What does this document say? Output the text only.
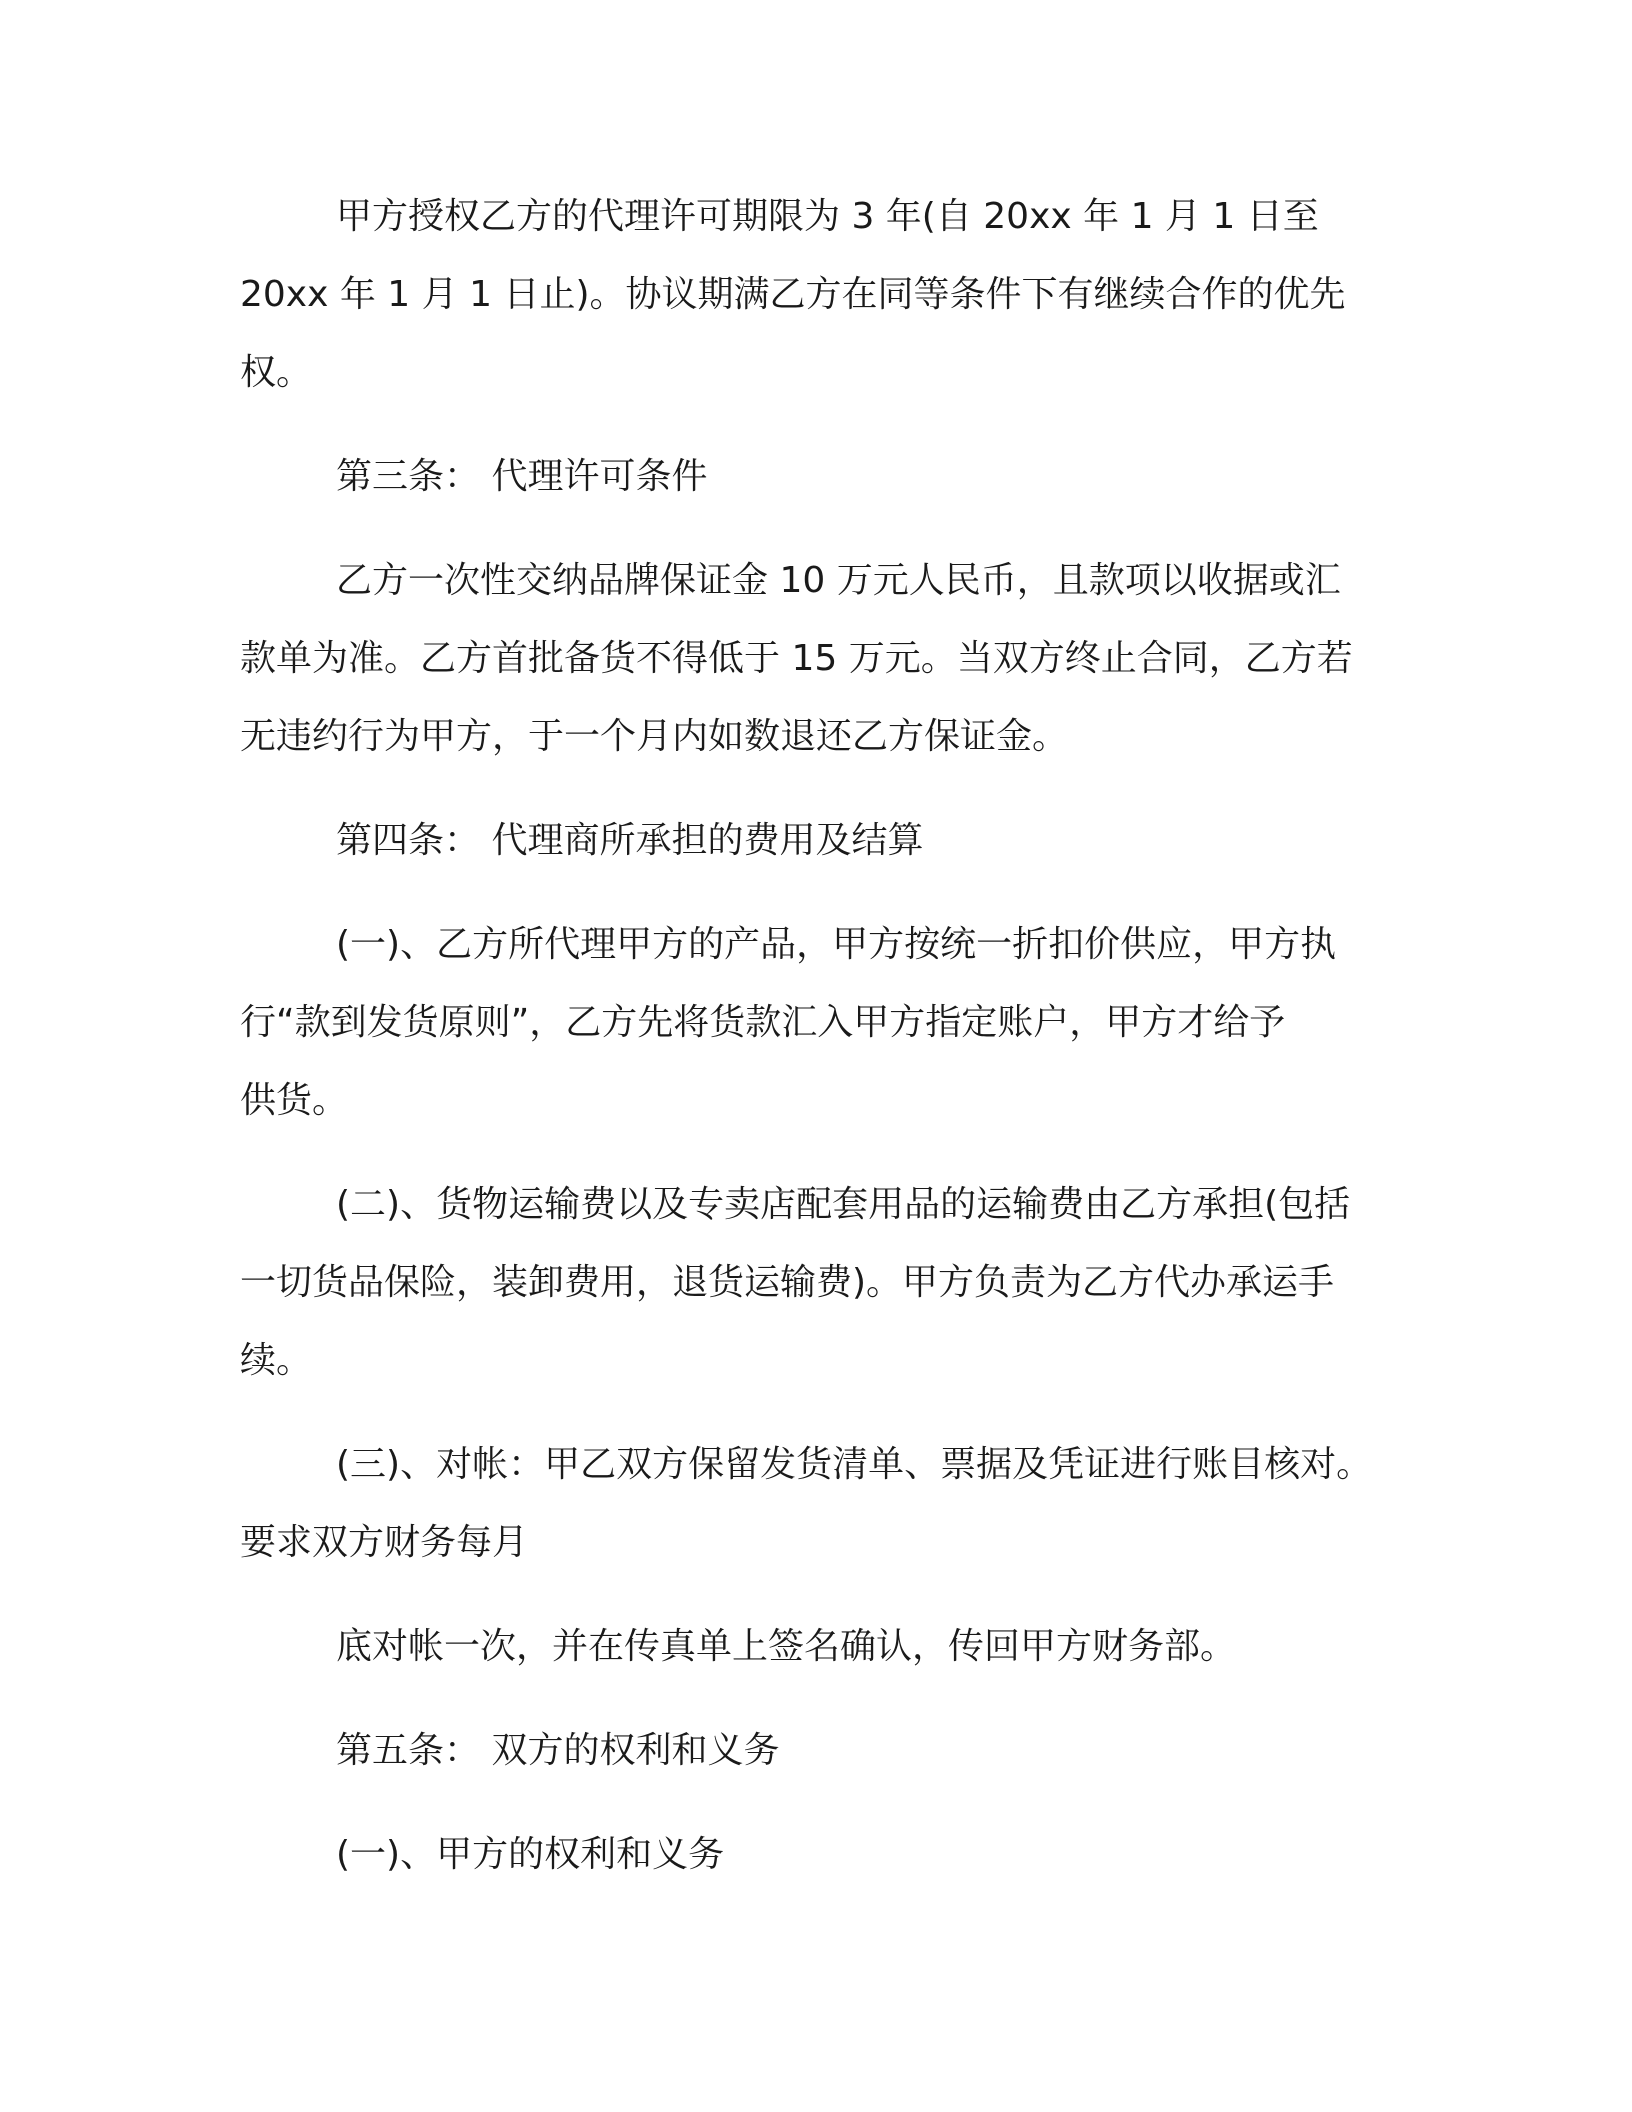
甲方授权乙方的代理许可期限为 3 年(自 20xx 年 1 月 1 日至
20xx 年 1 月 1 日止)。协议期满乙方在同等条件下有继续合作的优先
权。
第三条： 代理许可条件
乙方一次性交纳品牌保证金 10 万元人民币，且款项以收据或汇
款单为准。乙方首批备货不得低于 15 万元。当双方终止合同，乙方若
无违约行为甲方，于一个月内如数退还乙方保证金。
第四条： 代理商所承担的费用及结算
(一)、乙方所代理甲方的产品，甲方按统一折扣价供应，甲方执
行“款到发货原则”，乙方先将货款汇入甲方指定账户，甲方才给予
供货。
(二)、货物运输费以及专卖店配套用品的运输费由乙方承担(包括
一切货品保险，装卸费用，退货运输费)。甲方负责为乙方代办承运手
续。
(三)、对帐：甲乙双方保留发货清单、票据及凭证进行账目核对。
要求双方财务每月
底对帐一次，并在传真单上签名确认，传回甲方财务部。
第五条： 双方的权利和义务
(一)、甲方的权利和义务
